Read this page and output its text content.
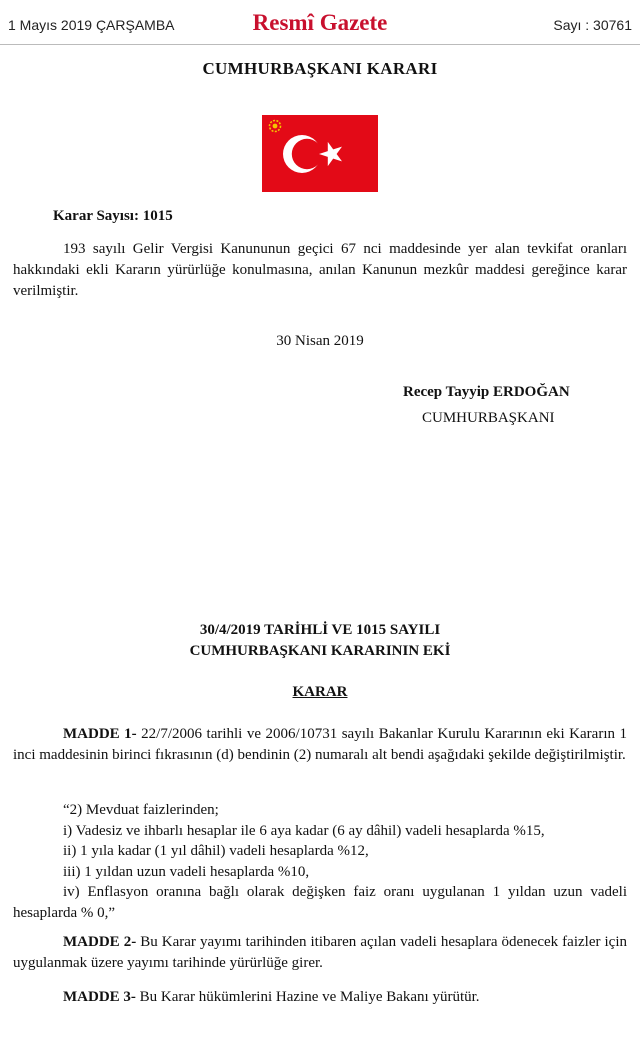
1 Mayıs 2019 ÇARŞAMBA	Resmî Gazete	Sayı : 30761
CUMHURBAŞKANI KARARI
Karar Sayısı: 1015
193 sayılı Gelir Vergisi Kanununun geçici 67 nci maddesinde yer alan tevkifat oranları hakkındaki ekli Kararın yürürlüğe konulmasına, anılan Kanunun mezkûr maddesi gereğince karar verilmiştir.
30 Nisan 2019
Recep Tayyip ERDOĞAN
CUMHURBAŞKANI
30/4/2019 TARİHLİ VE 1015 SAYILI
CUMHURBAŞKANI KARARININ EKİ
KARAR
MADDE 1- 22/7/2006 tarihli ve 2006/10731 sayılı Bakanlar Kurulu Kararının eki Kararın 1 inci maddesinin birinci fıkrasının (d) bendinin (2) numaralı alt bendi aşağıdaki şekilde değiştirilmiştir.
“2) Mevduat faizlerinden;
i) Vadesiz ve ihbarlı hesaplar ile 6 aya kadar (6 ay dâhil) vadeli hesaplarda %15,
ii) 1 yıla kadar (1 yıl dâhil) vadeli hesaplarda %12,
iii) 1 yıldan uzun vadeli hesaplarda %10,
iv) Enflasyon oranına bağlı olarak değişken faiz oranı uygulanan 1 yıldan uzun vadeli hesaplarda % 0,”
MADDE 2- Bu Karar yayımı tarihinden itibaren açılan vadeli hesaplara ödenecek faizler için uygulanmak üzere yayımı tarihinde yürürlüğe girer.
MADDE 3- Bu Karar hükümlerini Hazine ve Maliye Bakanı yürütür.
